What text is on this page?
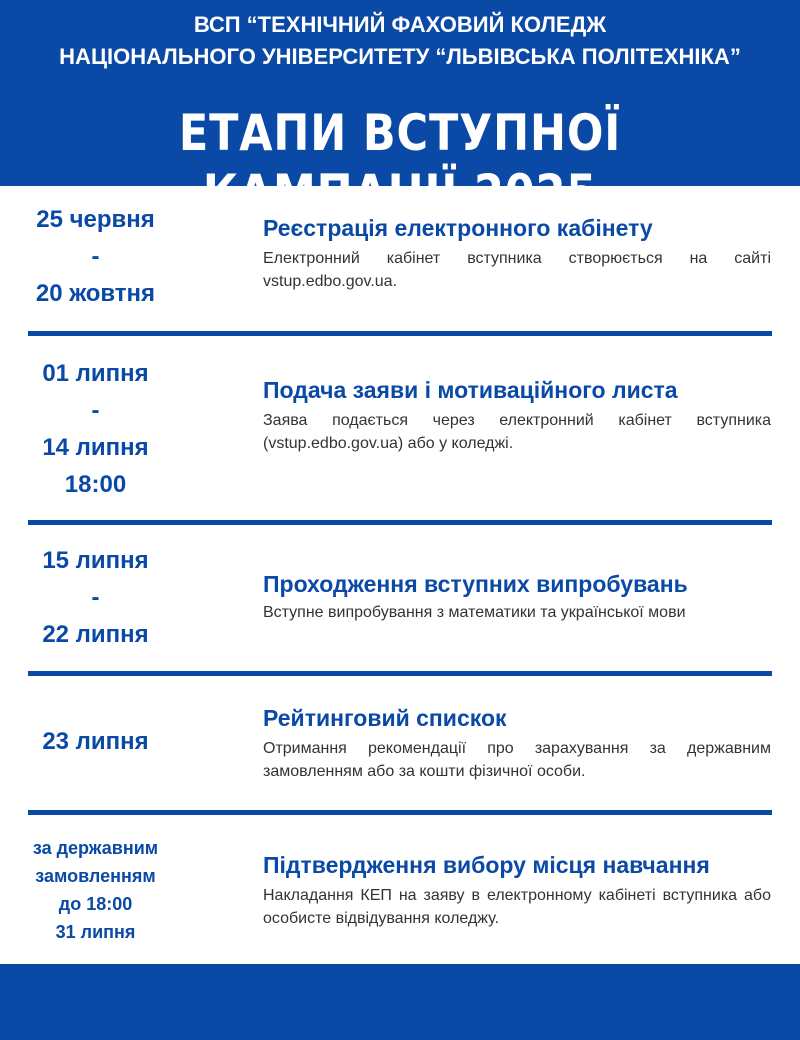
ВСП “ТЕХНІЧНИЙ ФАХОВИЙ КОЛЕДЖ
НАЦІОНАЛЬНОГО УНІВЕРСИТЕТУ “ЛЬВІВСЬКА ПОЛІТЕХНІКА”
ЕТАПИ ВСТУПНОЇ КАМПАНІЇ 2025
25 червня
-
20 жовтня
Реєстрація електронного кабінету
Електронний кабінет вступника створюється на сайті vstup.edbo.gov.ua.
01 липня
-
14 липня
18:00
Подача заяви і мотиваційного листа
Заява подається через електронний кабінет вступника (vstup.edbo.gov.ua) або у коледжі.
15 липня
-
22 липня
Проходження вступних випробувань
Вступне випробування з математики та української мови
23 липня
Рейтинговий спискок
Отримання рекомендації про зарахування за державним замовленням або за кошти фізичної особи.
за державним
замовленням
до 18:00
31 липня
Підтвердження вибору місця навчання
Накладання КЕП на заяву в електронному кабінеті вступника або особисте відвідування коледжу.
